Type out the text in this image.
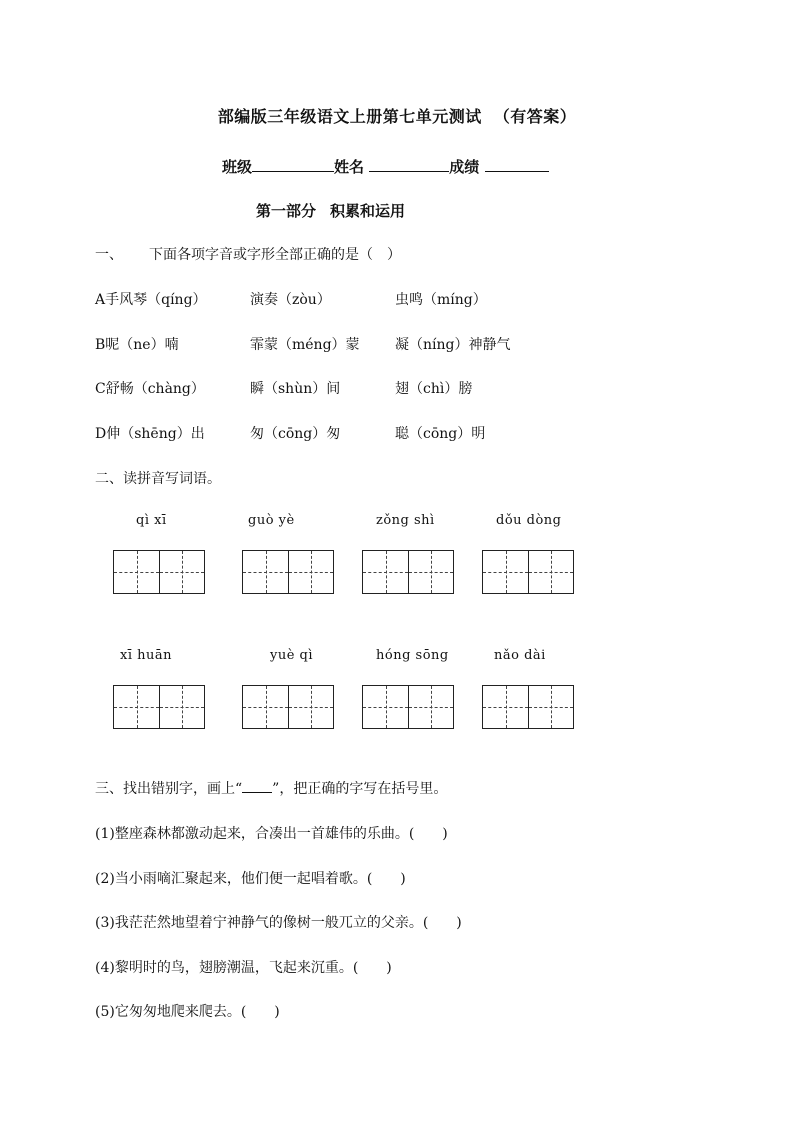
部编版三年级语文上册第七单元测试 （有答案）
班级	姓名	成绩
第一部分 积累和运用
一、 下面各项字音或字形全部正确的是（　）
A手风琴（qíng）	演奏（zòu）	虫鸣（míng）
B呢（ne）喃	霏蒙（méng）蒙	凝（níng）神静气
C舒畅（chàng）	瞬（shùn）间	翅（chì）膀
D伸（shēng）出	匆（cōng）匆	聪（cōng）明
二、读拼音写词语。
qì xī	guò yè	zǒng shì	dǒu dòng
xī huān	yuè qì	hóng sōng	nǎo dài
三、找出错别字，画上“ ”，把正确的字写在括号里。
(1)整座森林都激动起来，合凑出一首雄伟的乐曲。(　　)
(2)当小雨嘀汇聚起来，他们便一起唱着歌。(　　)
(3)我茫茫然地望着宁神静气的像树一般兀立的父亲。(　　)
(4)黎明时的鸟，翅膀潮温，飞起来沉重。(　　)
(5)它匆匆地爬来爬去。(　　)
